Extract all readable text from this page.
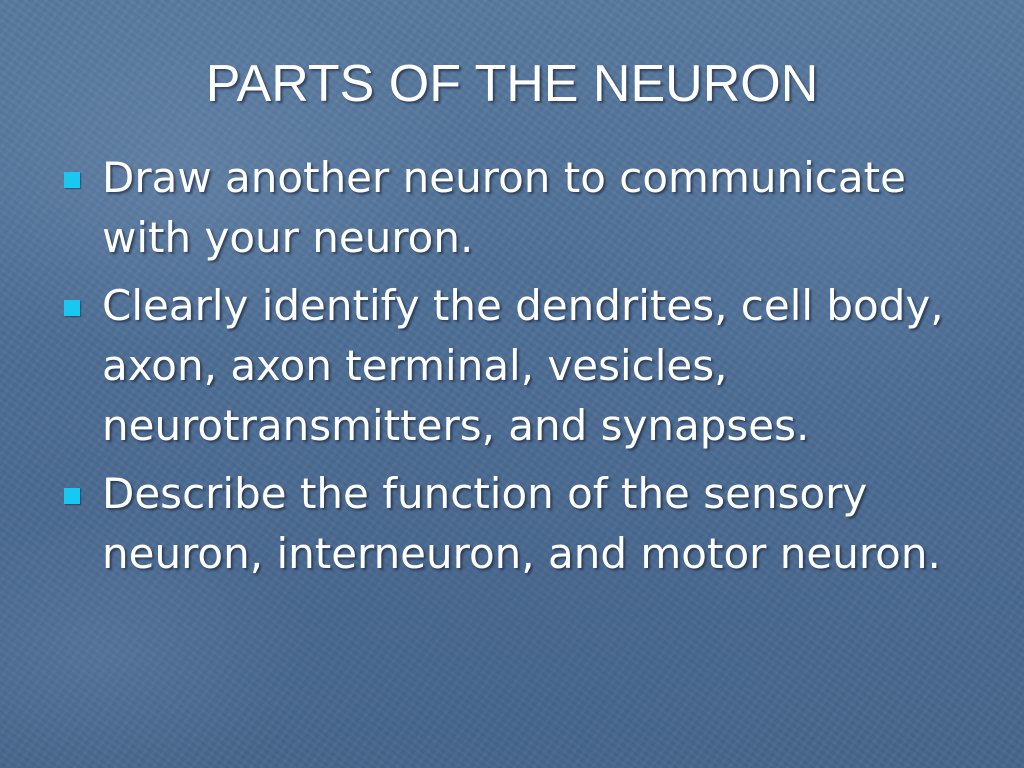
PARTS OF THE NEURON
Draw another neuron to communicate with your neuron.
Clearly identify the dendrites, cell body, axon, axon terminal, vesicles, neurotransmitters, and synapses.
Describe the function of the sensory neuron, interneuron, and motor neuron.
